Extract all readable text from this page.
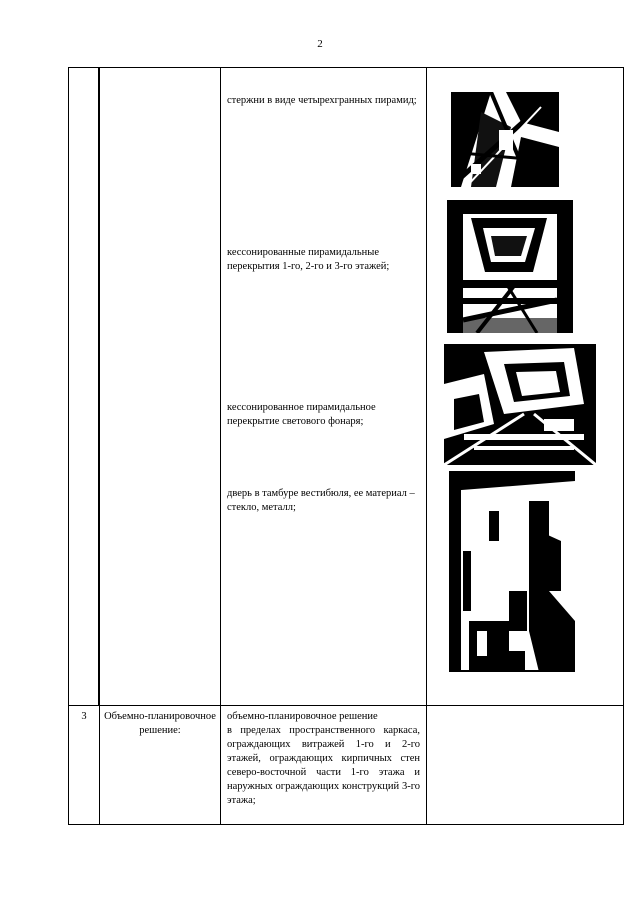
2

		стержни в виде четырехгранных пирамид;
кессонированные пирамидальные перекрытия 1-го, 2-го и 3-го этажей;
кессонированное пирамидальное перекрытие светового фонаря;
дверь в тамбуре вестибюля, ее материал – стекло, металл;

3	Объемно-планировочное решение:	объемно-планировочное решение
в пределах пространственного каркаса, ограждающих витражей 1-го и 2-го этажей, ограждающих кирпичных стен северо-восточной части 1-го этажа и наружных ограждающих конструкций 3-го этажа;	
